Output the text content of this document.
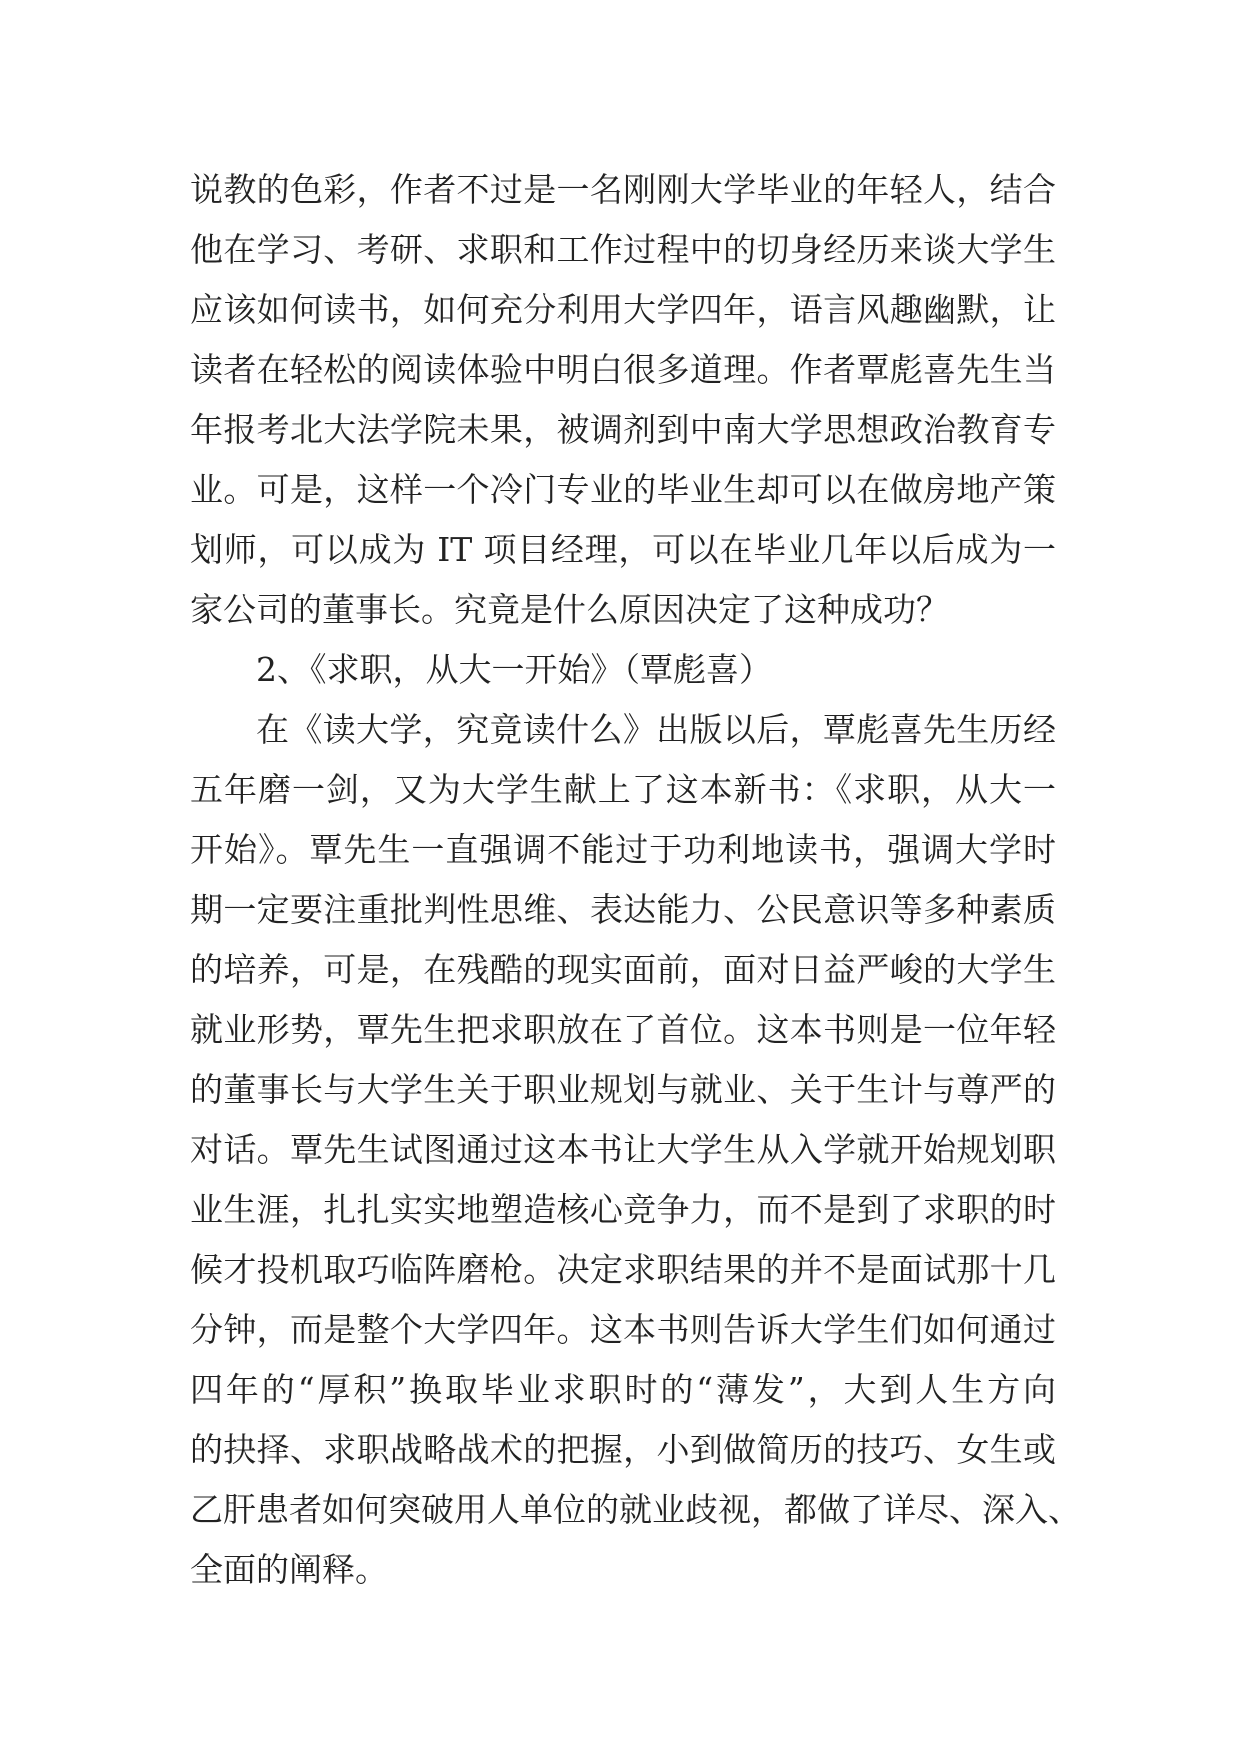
说教的色彩，作者不过是一名刚刚大学毕业的年轻人，结合
他在学习、考研、求职和工作过程中的切身经历来谈大学生
应该如何读书，如何充分利用大学四年，语言风趣幽默，让
读者在轻松的阅读体验中明白很多道理。作者覃彪喜先生当
年报考北大法学院未果，被调剂到中南大学思想政治教育专
业。可是，这样一个冷门专业的毕业生却可以在做房地产策
划师，可以成为 IT 项目经理，可以在毕业几年以后成为一
家公司的董事长。究竟是什么原因决定了这种成功？
2、《求职，从大一开始》（覃彪喜）
在《读大学，究竟读什么》出版以后，覃彪喜先生历经
五年磨一剑，又为大学生献上了这本新书：《求职，从大一
开始》。覃先生一直强调不能过于功利地读书，强调大学时
期一定要注重批判性思维、表达能力、公民意识等多种素质
的培养，可是，在残酷的现实面前，面对日益严峻的大学生
就业形势，覃先生把求职放在了首位。这本书则是一位年轻
的董事长与大学生关于职业规划与就业、关于生计与尊严的
对话。覃先生试图通过这本书让大学生从入学就开始规划职
业生涯，扎扎实实地塑造核心竞争力，而不是到了求职的时
候才投机取巧临阵磨枪。决定求职结果的并不是面试那十几
分钟，而是整个大学四年。这本书则告诉大学生们如何通过
四年的“厚积”换取毕业求职时的“薄发”，大到人生方向
的抉择、求职战略战术的把握，小到做简历的技巧、女生或
乙肝患者如何突破用人单位的就业歧视，都做了详尽、深入、
全面的阐释。
